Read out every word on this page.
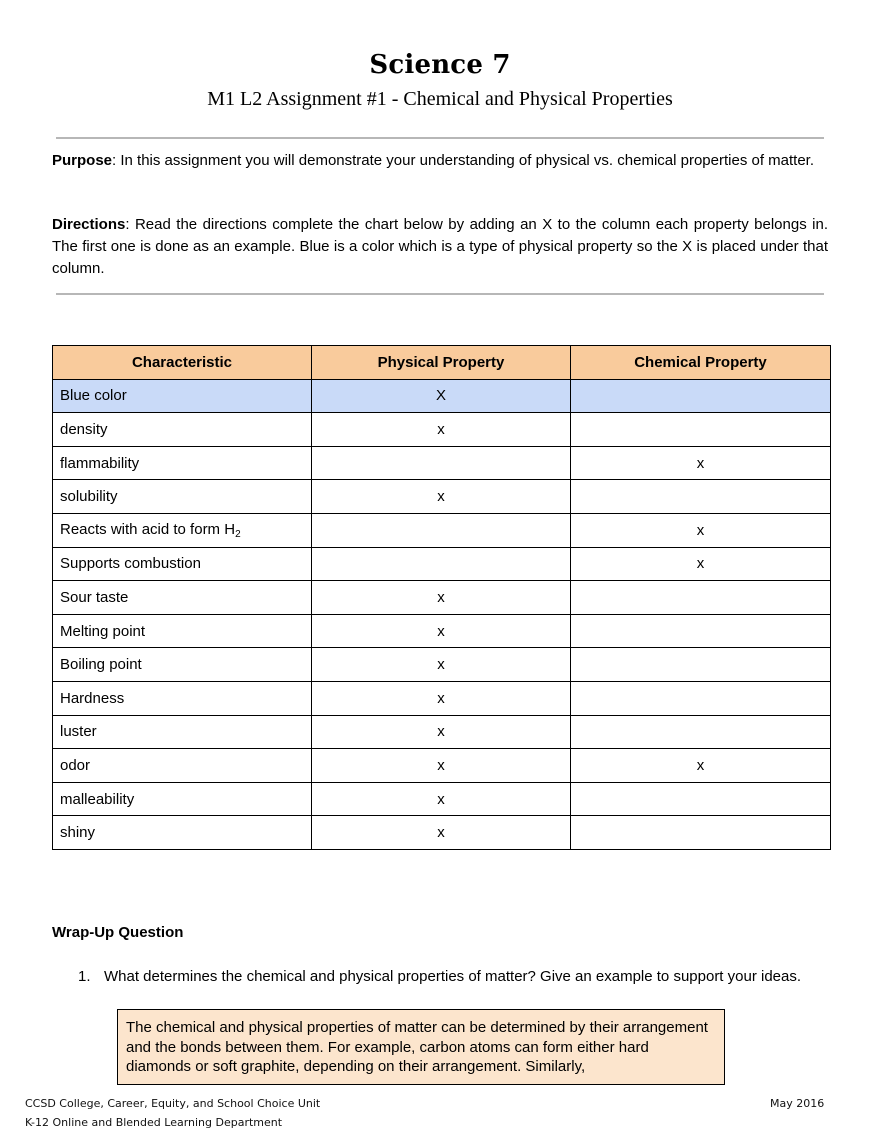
Science 7
M1 L2 Assignment #1 - Chemical and Physical Properties
Purpose: In this assignment you will demonstrate your understanding of physical vs. chemical properties of matter.
Directions: Read the directions complete the chart below by adding an X to the column each property belongs in. The first one is done as an example. Blue is a color which is a type of physical property so the X is placed under that column.
Characteristic	Physical Property	Chemical Property
Blue color	X	
density	x	
flammability		x
solubility	x	
Reacts with acid to form $H_2$		x
Supports combustion		x
Sour taste	x	
Melting point	x	
Boiling point	x	
Hardness	x	
luster	x	
odor	x	x
malleability	x	
shiny	x	
Wrap-Up Question
1. What determines the chemical and physical properties of matter? Give an example to support your ideas.
The chemical and physical properties of matter can be determined by their arrangement and the bonds between them. For example, carbon atoms can form either hard diamonds or soft graphite, depending on their arrangement. Similarly,
CCSD College, Career, Equity, and School Choice Unit
K-12 Online and Blended Learning Department
May 2016
